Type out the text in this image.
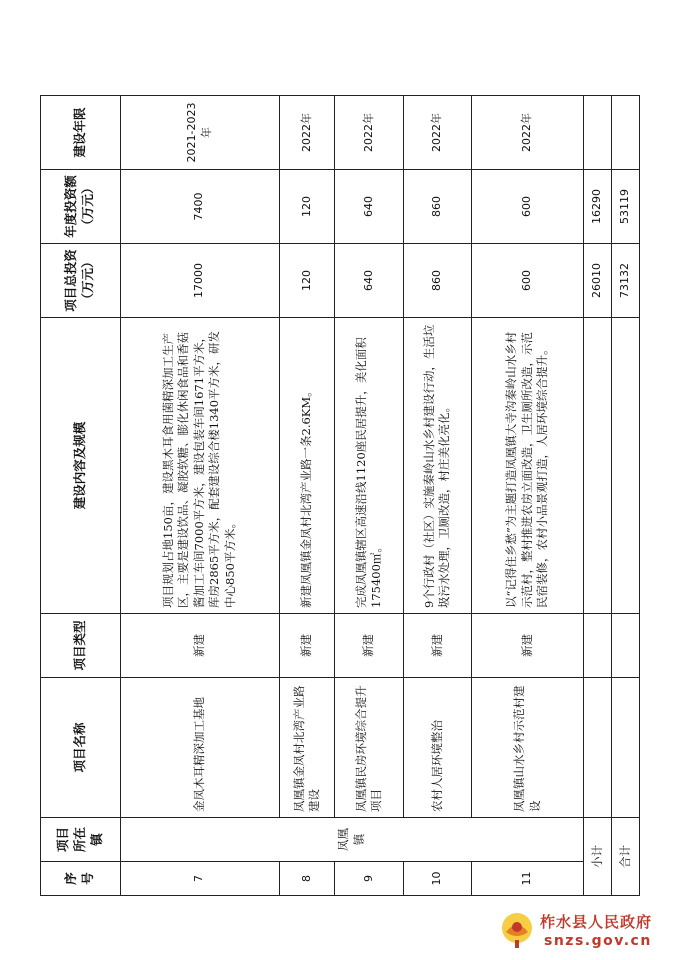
序号	项目所在镇	项目名称	项目类型	建设内容及规模	项目总投资（万元）	年度投资额（万元）	建设年限
7	凤凰镇	金凤木耳精深加工基地	新建	项目规划占地150亩，建设黑木耳食用菌精深加工生产区，主要是建设饮品、凝胶软糖、膨化休闲食品和香菇酱加工车间7000平方米，建设包装车间1671平方米，库房2865平方米，配套建设综合楼1340平方米，研发中心850平方米。	17000	7400	2021-2023年
8		凤凰镇金凤村北湾产业路建设	新建	新建凤凰镇金凤村北湾产业路一条2.6KM。	120	120	2022年
9		凤凰镇民房环境综合提升项目	新建	完成凤凰镇辖区高速沿线1120座民居提升，美化面积175400㎡。	640	640	2022年
10		农村人居环境整治	新建	9个行政村（社区）实施秦岭山水乡村建设行动，生活垃圾污水处理，卫厕改造，村庄美化亮化。	860	860	2022年
11		凤凰镇山水乡村示范村建设	新建	以“记得住乡愁”为主题打造凤凰镇大寺沟秦岭山水乡村示范村，整村推进农房立面改造，卫生厕所改造，示范民宿装修，农村小品景观打造，人居环境综合提升。	600	600	2022年
小计					26010	16290	
合计					73132	53119	
柞水县人民政府
snzs.gov.cn
